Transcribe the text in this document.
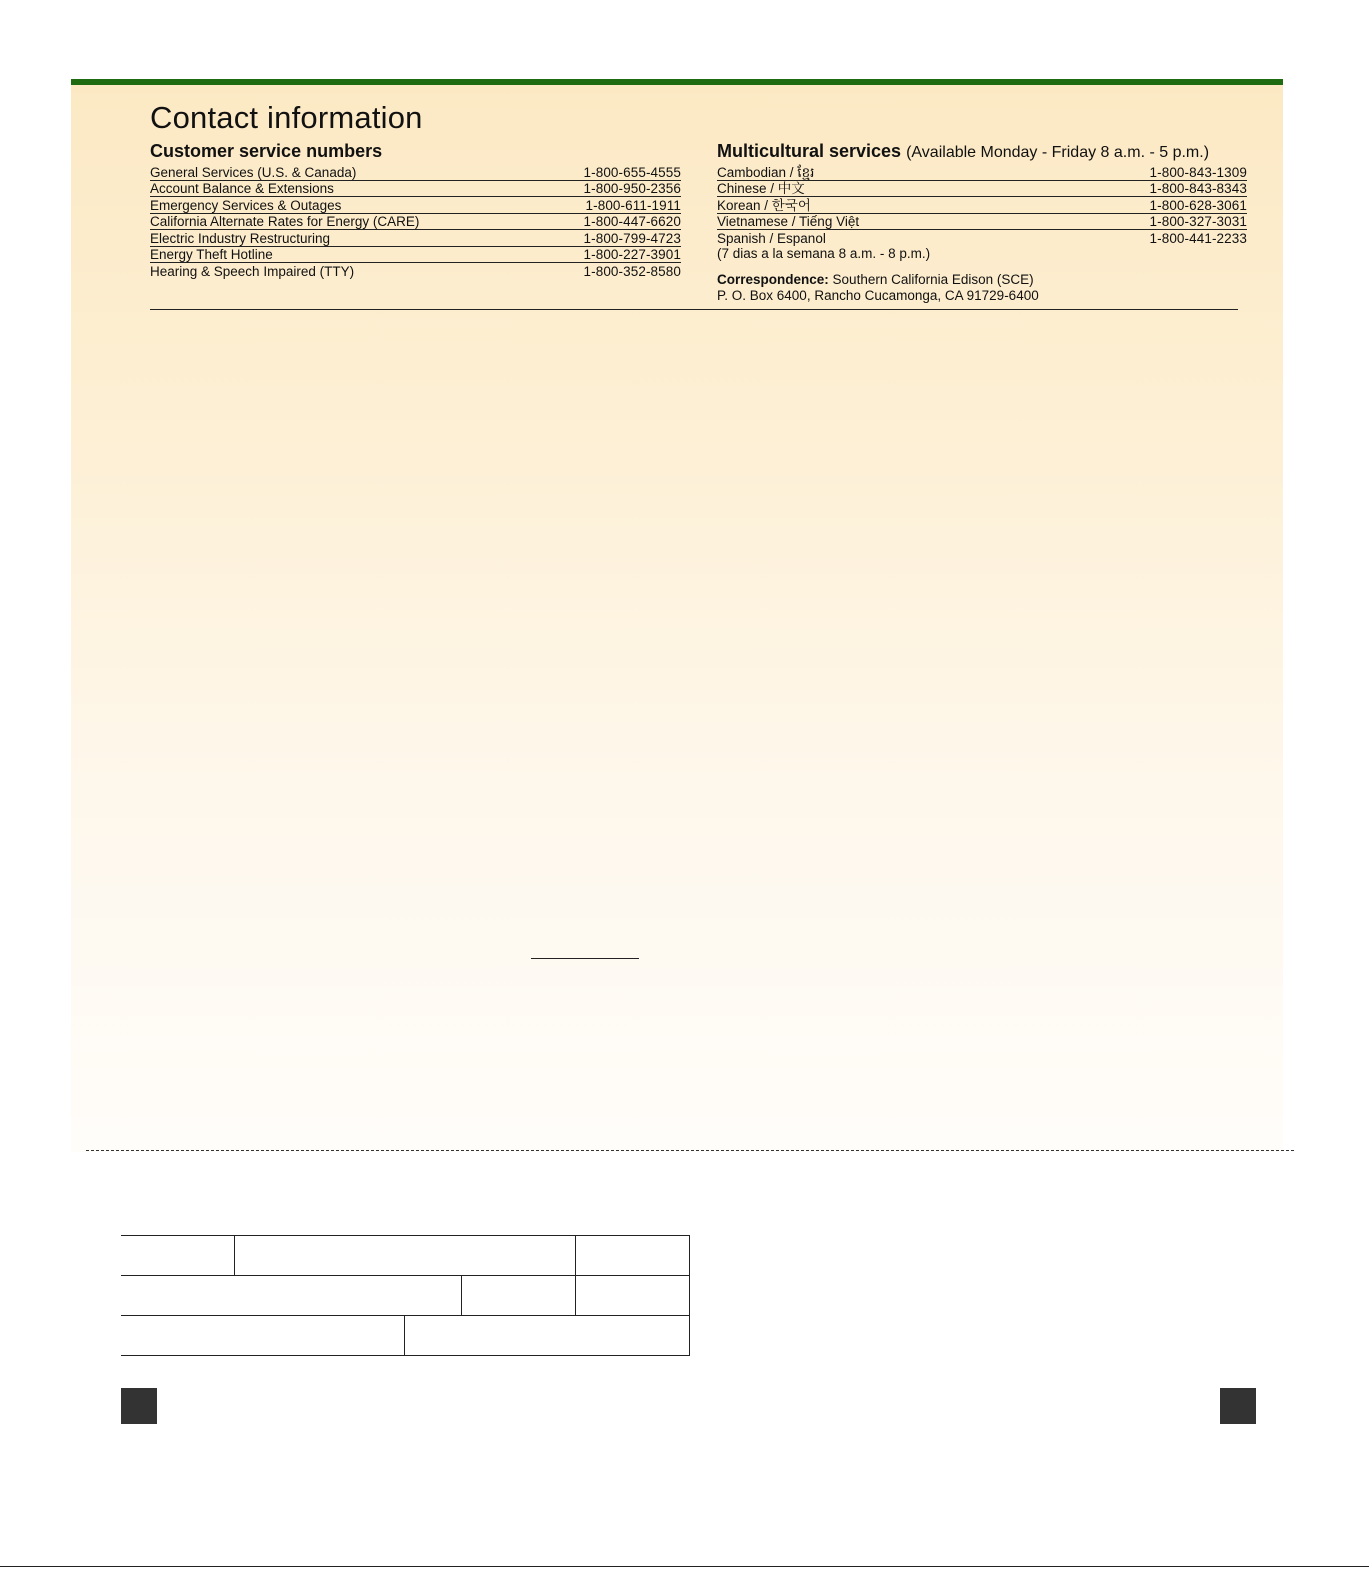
Contact information
Customer service numbers
General Services (U.S. & Canada)	1-800-655-4555
Account Balance & Extensions	1-800-950-2356
Emergency Services & Outages	1-800-611-1911
California Alternate Rates for Energy (CARE)	1-800-447-6620
Electric Industry Restructuring	1-800-799-4723
Energy Theft Hotline	1-800-227-3901
Hearing & Speech Impaired (TTY)	1-800-352-8580
Multicultural services (Available Monday - Friday 8 a.m. - 5 p.m.)
Cambodian / ខ្មែរ	1-800-843-1309
Chinese / 中文	1-800-843-8343
Korean / 한국어	1-800-628-3061
Vietnamese / Tiếng Việt	1-800-327-3031
Spanish / Espanol	1-800-441-2233

(7 dias a la semana 8 a.m. - 8 p.m.)

Correspondence: Southern California Edison (SCE)
P. O. Box 6400, Rancho Cucamonga, CA 91729-6400
